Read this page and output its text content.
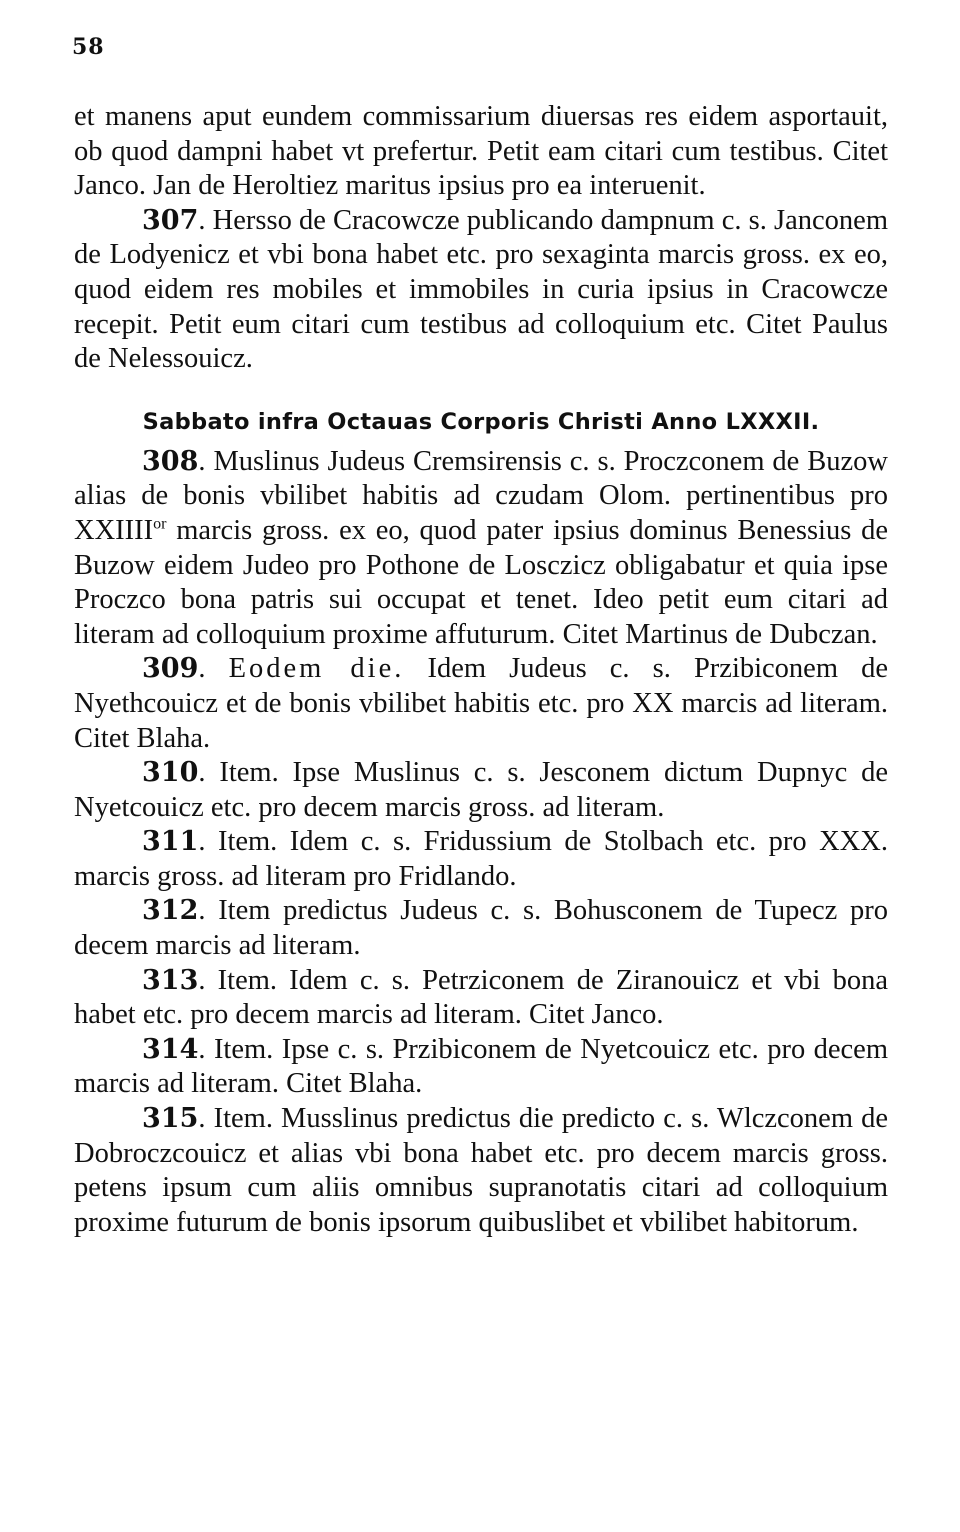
58

et manens aput eundem commissarium diuersas res eidem asportauit, ob quod dampni habet vt prefertur. Petit eam citari cum testibus. Citet Janco. Jan de Heroltiez maritus ipsius pro ea interuenit.

307. Hersso de Cracowcze publicando dampnum c. s. Janconem de Lodyenicz et vbi bona habet etc. pro sexaginta marcis gross. ex eo, quod eidem res mobiles et immobiles in curia ipsius in Cracowcze recepit. Petit eum citari cum testibus ad colloquium etc. Citet Paulus de Nelessouicz.

Sabbato infra Octauas Corporis Christi Anno LXXXII.

308. Muslinus Judeus Cremsirensis c. s. Proczconem de Buzow alias de bonis vbilibet habitis ad czudam Olom. pertinentibus pro $XXIIII^{or}$ marcis gross. ex eo, quod pater ipsius dominus Benessius de Buzow eidem Judeo pro Pothone de Losczicz obligabatur et quia ipse Proczco bona patris sui occupat et tenet. Ideo petit eum citari ad literam ad colloquium proxime affuturum. Citet Martinus de Dubczan.

309. Eodem die. Idem Judeus c. s. Przibiconem de Nyethcouicz et de bonis vbilibet habitis etc. pro XX marcis ad literam. Citet Blaha.

310. Item. Ipse Muslinus c. s. Jesconem dictum Dupnyc de Nyetcouicz etc. pro decem marcis gross. ad literam.

311. Item. Idem c. s. Fridussium de Stolbach etc. pro XXX. marcis gross. ad literam pro Fridlando.

312. Item predictus Judeus c. s. Bohusconem de Tupecz pro decem marcis ad literam.

313. Item. Idem c. s. Petrziconem de Ziranouicz et vbi bona habet etc. pro decem marcis ad literam. Citet Janco.

314. Item. Ipse c. s. Przibiconem de Nyetcouicz etc. pro decem marcis ad literam. Citet Blaha.

315. Item. Musslinus predictus die predicto c. s. Wlczconem de Dobroczcouicz et alias vbi bona habet etc. pro decem marcis gross. petens ipsum cum aliis omnibus supranotatis citari ad colloquium proxime futurum de bonis ipsorum quibuslibet et vbilibet habitorum.
